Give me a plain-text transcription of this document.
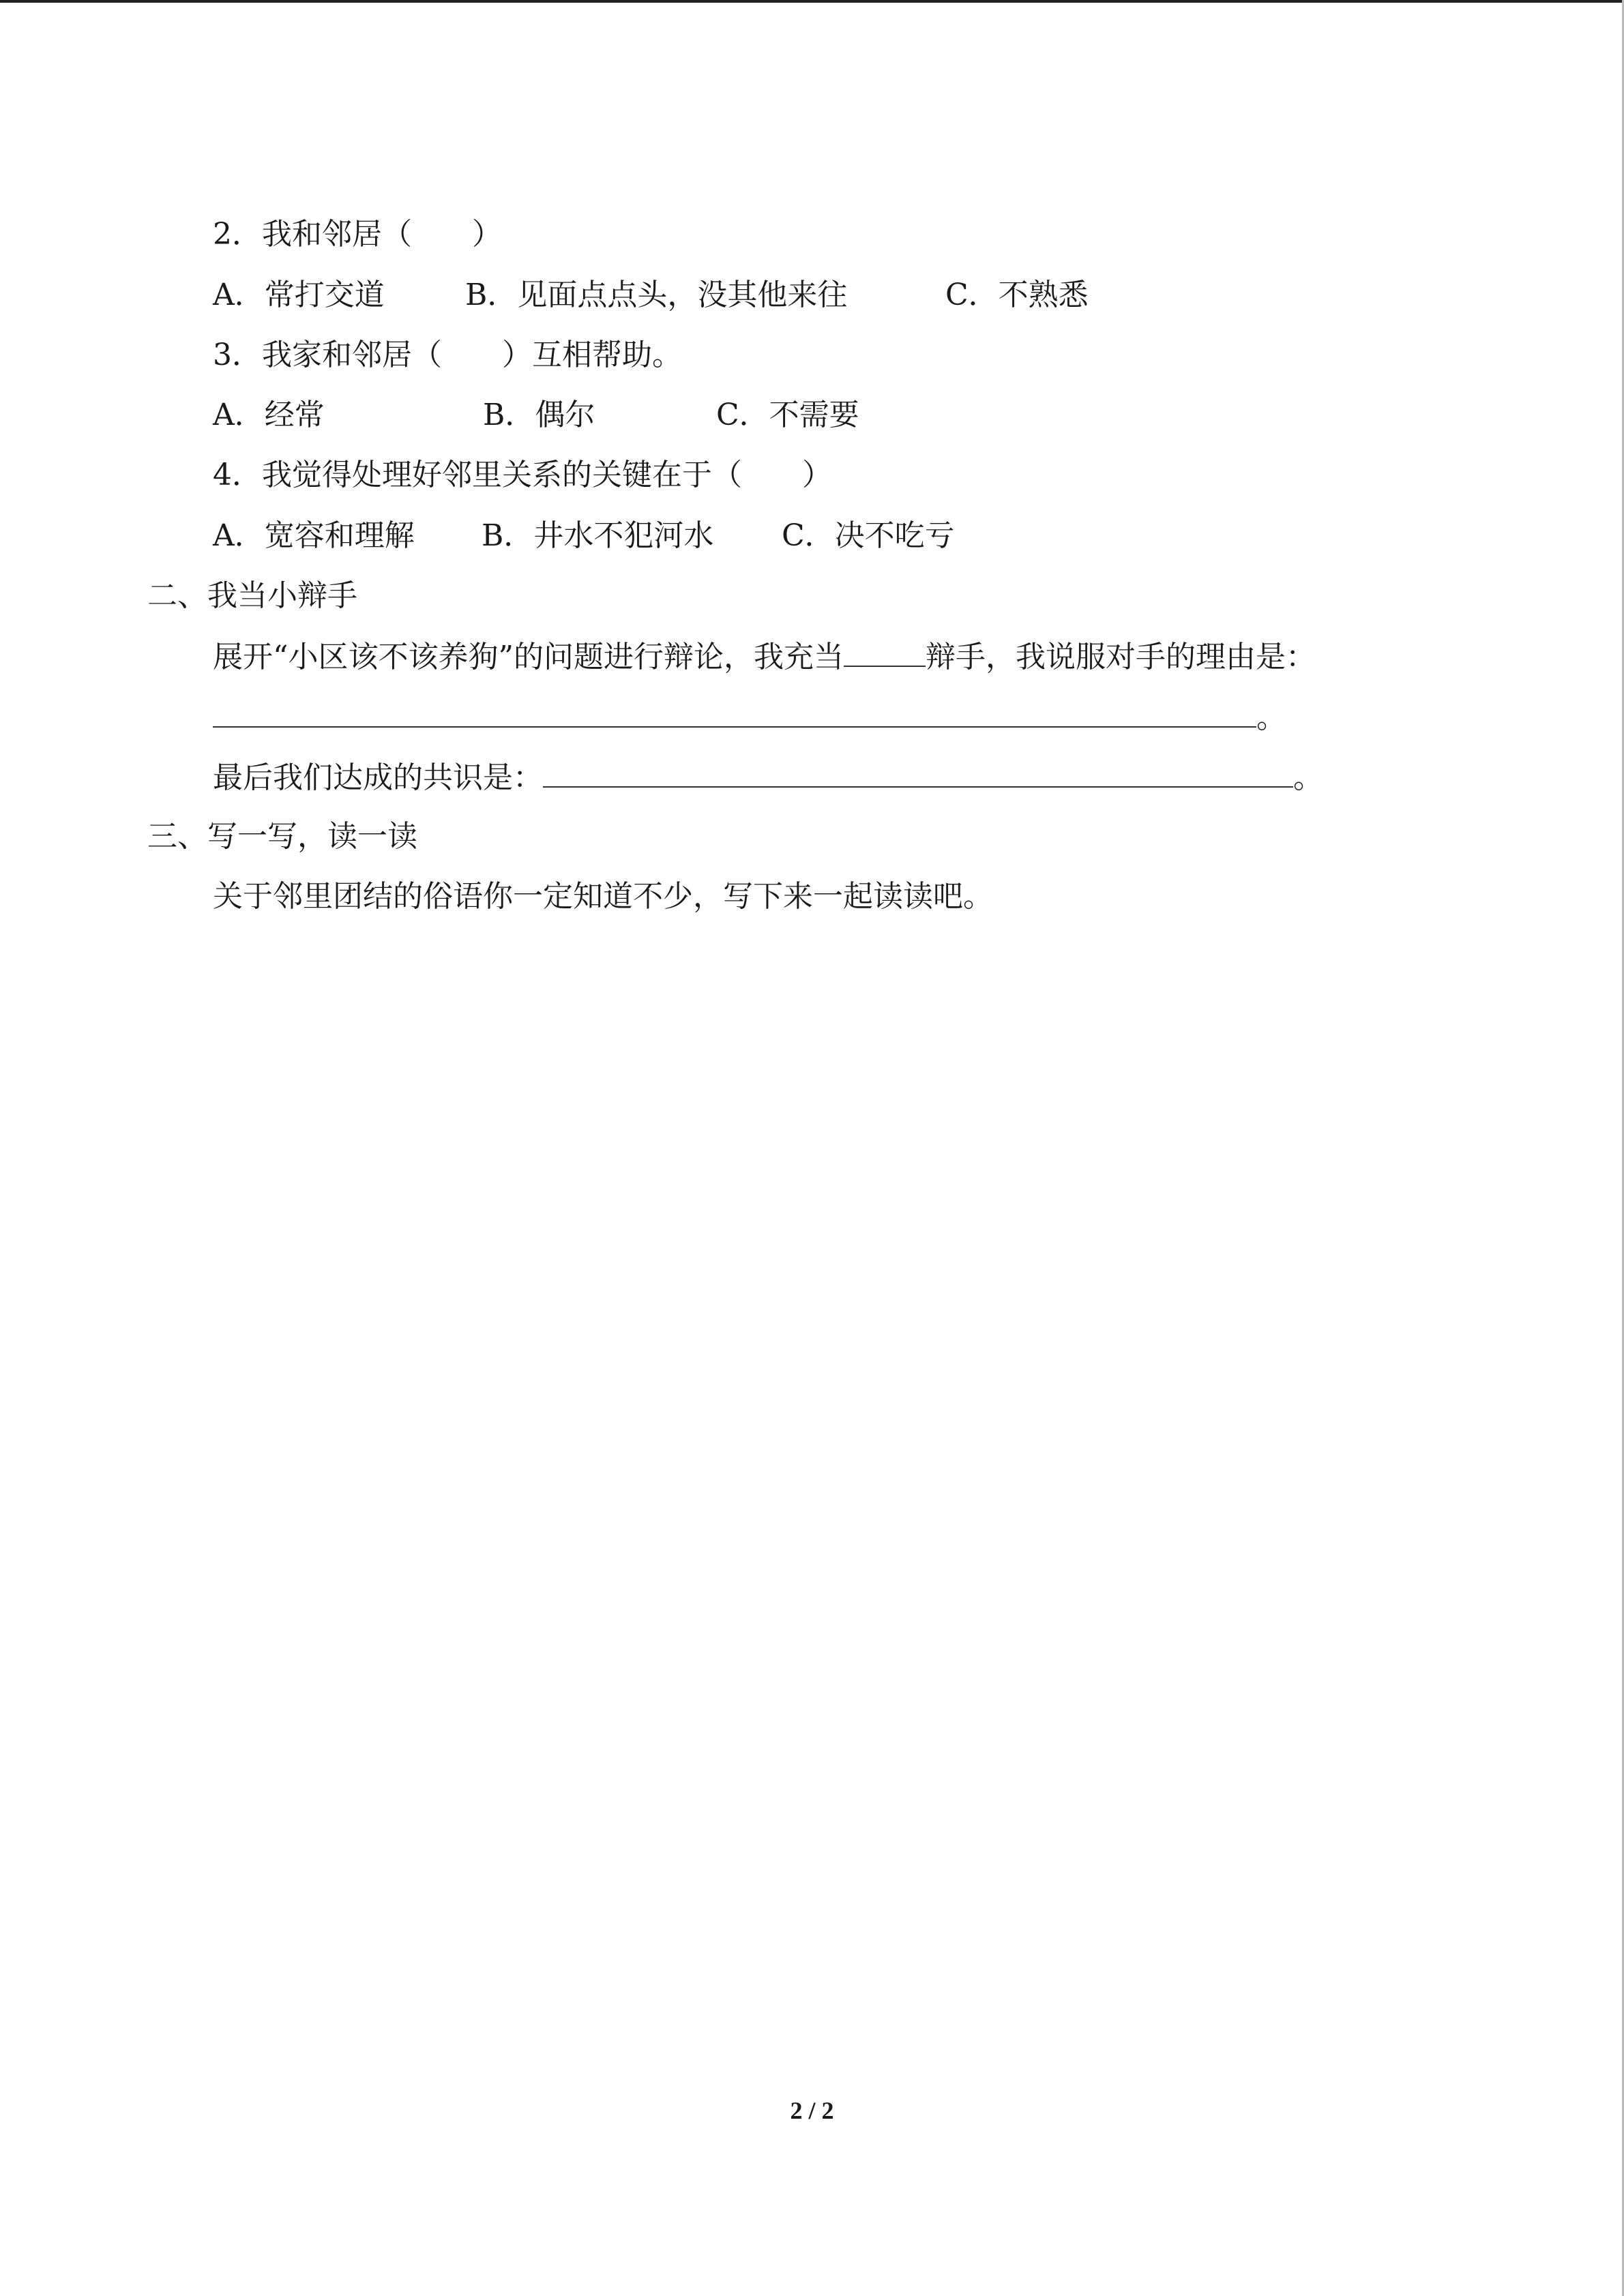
2．我和邻居（　　）
A．常打交道	B．见面点点头，没其他来往	C．不熟悉
3．我家和邻居（　　）互相帮助。
A．经常	B．偶尔	C．不需要
4．我觉得处理好邻里关系的关键在于（　　）
A．宽容和理解 B．井水不犯河水 C．决不吃亏
二、我当小辩手
展开“小区该不该养狗”的问题进行辩论，我充当	辩手，我说服对手的理由是：
。
最后我们达成的共识是：	。
三、写一写，读一读
关于邻里团结的俗语你一定知道不少，写下来一起读读吧。
2 / 2
